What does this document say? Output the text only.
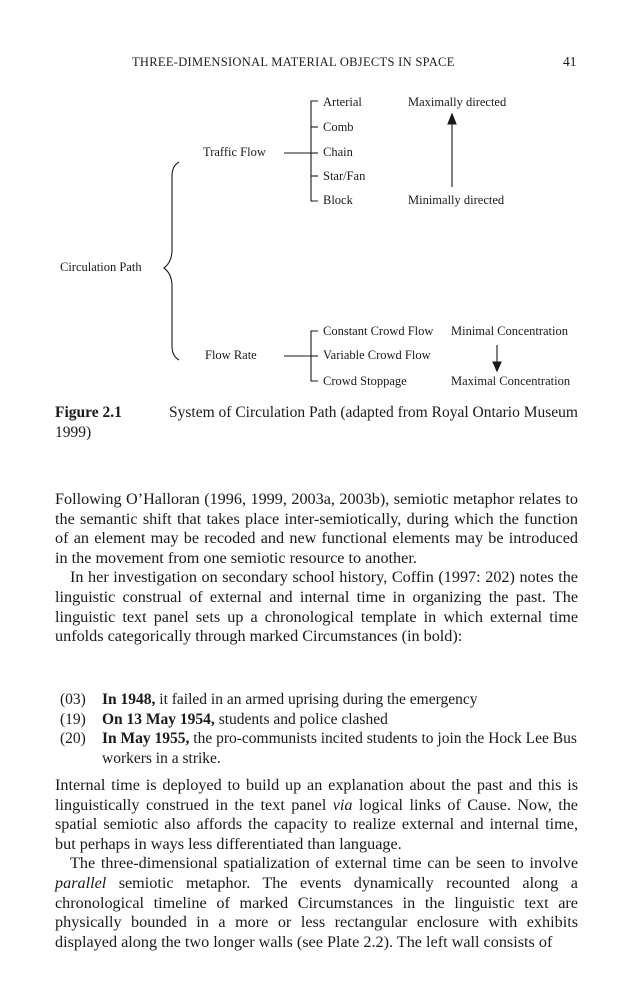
THREE-DIMENSIONAL MATERIAL OBJECTS IN SPACE	41
Circulation Path
Traffic Flow
Flow Rate
Arterial
Comb
Chain
Star/Fan
Block
Maximally directed
Minimally directed
Constant Crowd Flow
Variable Crowd Flow
Crowd Stoppage
Minimal Concentration
Maximal Concentration
Figure 2.1	System of Circulation Path (adapted from Royal Ontario Museum
1999)

Following O’Halloran (1996, 1999, 2003a, 2003b), semiotic metaphor relates to the semantic shift that takes place inter-semiotically, during which the function of an element may be recoded and new functional elements may be introduced in the movement from one semiotic resource to another.

In her investigation on secondary school history, Coffin (1997: 202) notes the linguistic construal of external and internal time in organizing the past. The linguistic text panel sets up a chronological template in which external time unfolds categorically through marked Circumstances (in bold):

(03)	In 1948, it failed in an armed uprising during the emergency
(19)	On 13 May 1954, students and police clashed
(20)	In May 1955, the pro-communists incited students to join the Hock Lee Bus workers in a strike.

Internal time is deployed to build up an explanation about the past and this is linguistically construed in the text panel via logical links of Cause. Now, the spatial semiotic also affords the capacity to realize external and internal time, but perhaps in ways less differentiated than language.

The three-dimensional spatialization of external time can be seen to involve parallel semiotic metaphor. The events dynamically recounted along a chronological timeline of marked Circumstances in the linguistic text are physically bounded in a more or less rectangular enclosure with exhibits displayed along the two longer walls (see Plate 2.2). The left wall consists of
